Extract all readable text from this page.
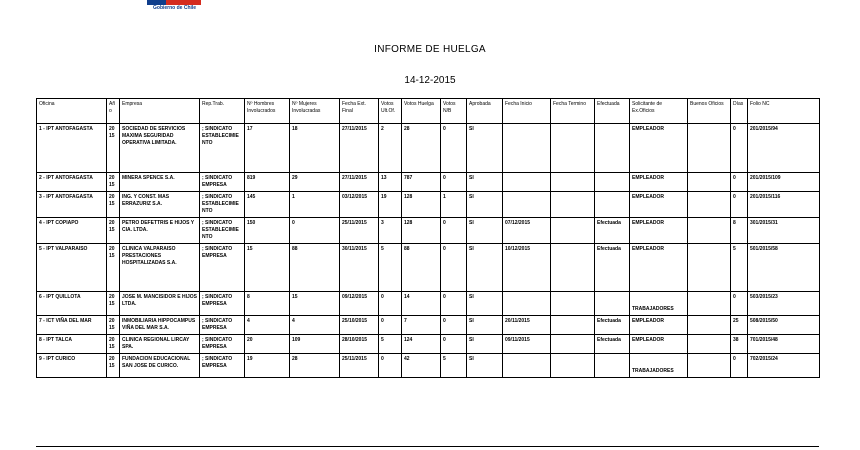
Gobierno de Chile
INFORME DE HUELGA
14-12-2015
Oficina	Año	Empresa	Rep.Trab.	Nº Hombres Involucrados	Nº Mujeres Involucradas	Fecha Ext. Final	Votos Ult.Of.	Votos Huelga	Votos N/B	Aprobada	Fecha Inicio	Fecha Termino	Efectuada	Solicitante de Ex.Oficios	Buenos Oficios	Días	Folio NC
1 - IPT ANTOFAGASTA	2015	SOCIEDAD DE SERVICIOS MAXIMA SEGURIDAD OPERATIVA LIMITADA.	; SINDICATO ESTABLECIMIENTO	17	18	27/11/2015	2	28	0	SI				EMPLEADOR		0	201/2015/94
2 - IPT ANTOFAGASTA	2015	MINERA SPENCE S.A.	; SINDICATO EMPRESA	819	29	27/11/2015	13	787	0	SI				EMPLEADOR		0	201/2015/109
3 - IPT ANTOFAGASTA	2015	ING. Y CONST. MAS ERRAZURIZ S.A.	; SINDICATO ESTABLECIMIENTO	145	1	03/12/2015	19	128	1	SI				EMPLEADOR		0	201/2015/116
4 - IPT COPIAPO	2015	PETRO DEFETTRIS E HIJOS Y CIA. LTDA.	; SINDICATO ESTABLECIMIENTO	150	0	25/11/2015	3	128	0	SI	07/12/2015		Efectuada	EMPLEADOR		8	301/2015/31
5 - IPT VALPARAISO	2015	CLINICA VALPARAISO PRESTACIONES HOSPITALIZADAS S.A.	; SINDICATO EMPRESA	15	88	30/11/2015	5	88	0	SI	10/12/2015		Efectuada	EMPLEADOR		5	501/2015/58
6 - IPT QUILLOTA	2015	JOSE M. MANCISIDOR E HIJOS LTDA.	; SINDICATO EMPRESA	8	15	09/12/2015	0	14	0	SI				TRABAJADORES		0	503/2015/23
7 - ICT VIÑA DEL MAR	2015	INMOBILIARIA HIPPOCAMPUS VIÑA DEL MAR S.A.	; SINDICATO EMPRESA	4	4	25/10/2015	0	7	0	SI	20/11/2015		Efectuada	EMPLEADOR		25	508/2015/50
8 - IPT TALCA	2015	CLINICA REGIONAL LIRCAY SPA.	; SINDICATO EMPRESA	20	109	28/10/2015	5	124	0	SI	09/11/2015		Efectuada	EMPLEADOR		38	701/2015/48
9 - IPT CURICO	2015	FUNDACION EDUCACIONAL SAN JOSE DE CURICO.	; SINDICATO EMPRESA	19	28	25/11/2015	0	42	5	SI				TRABAJADORES		0	702/2015/24
